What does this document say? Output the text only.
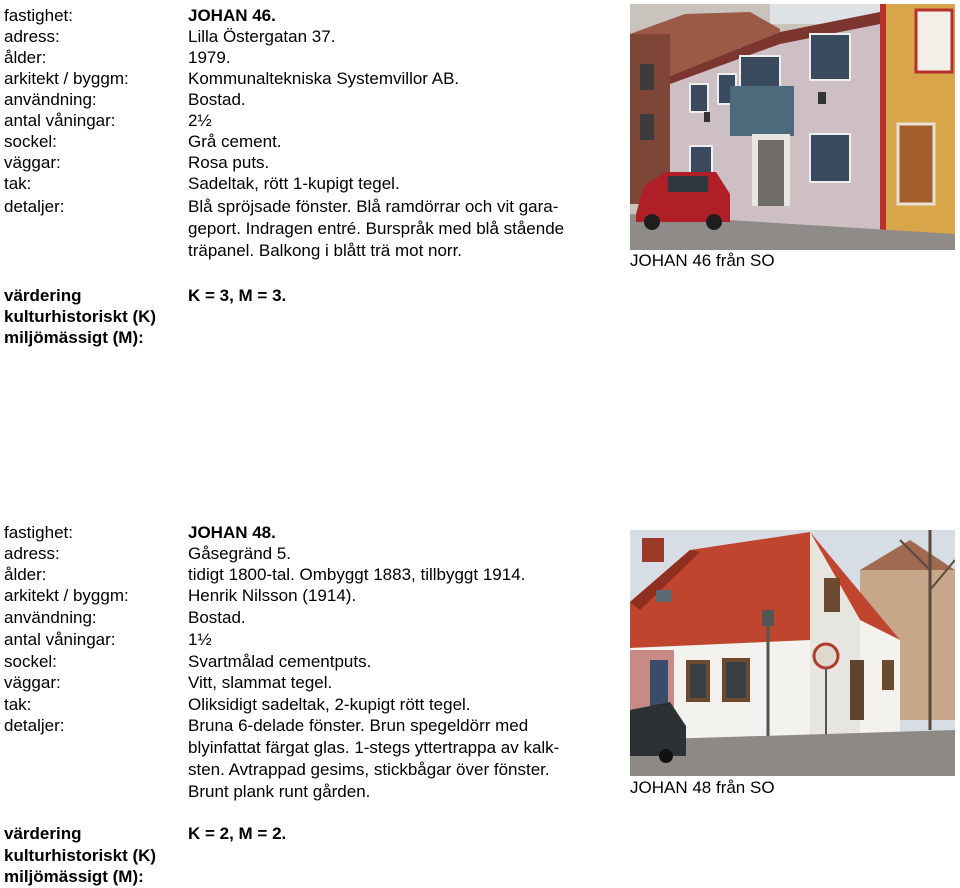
fastighet:	JOHAN 46.
adress:	Lilla Östergatan 37.
ålder:	1979.
arkitekt / byggm:	Kommunaltekniska Systemvillor AB.
användning:	Bostad.
antal våningar:	2½
sockel:	Grå cement.
väggar:	Rosa puts.
tak:	Sadeltak, rött 1-kupigt tegel.
detaljer:	Blå spröjsade fönster. Blå ramdörrar och vit gara-
geport. Indragen entré. Burspråk med blå stående
träpanel. Balkong i blått trä mot norr.
värdering	K = 3, M = 3.
kulturhistoriskt (K)
miljömässigt (M):
JOHAN 46 från SO
fastighet:	JOHAN 48.
adress:	Gåsegränd 5.
ålder:	tidigt 1800-tal. Ombyggt 1883, tillbyggt 1914.
arkitekt / byggm:	Henrik Nilsson (1914).
användning:	Bostad.
antal våningar:	1½
sockel:	Svartmålad cementputs.
väggar:	Vitt, slammat tegel.
tak:	Oliksidigt sadeltak, 2-kupigt rött tegel.
detaljer:	Bruna 6-delade fönster. Brun spegeldörr med
blyinfattat färgat glas. 1-stegs yttertrappa av kalk-
sten. Avtrappad gesims, stickbågar över fönster.
Brunt plank runt gården.
värdering	K = 2, M = 2.
kulturhistoriskt (K)
miljömässigt (M):
JOHAN 48 från SO
